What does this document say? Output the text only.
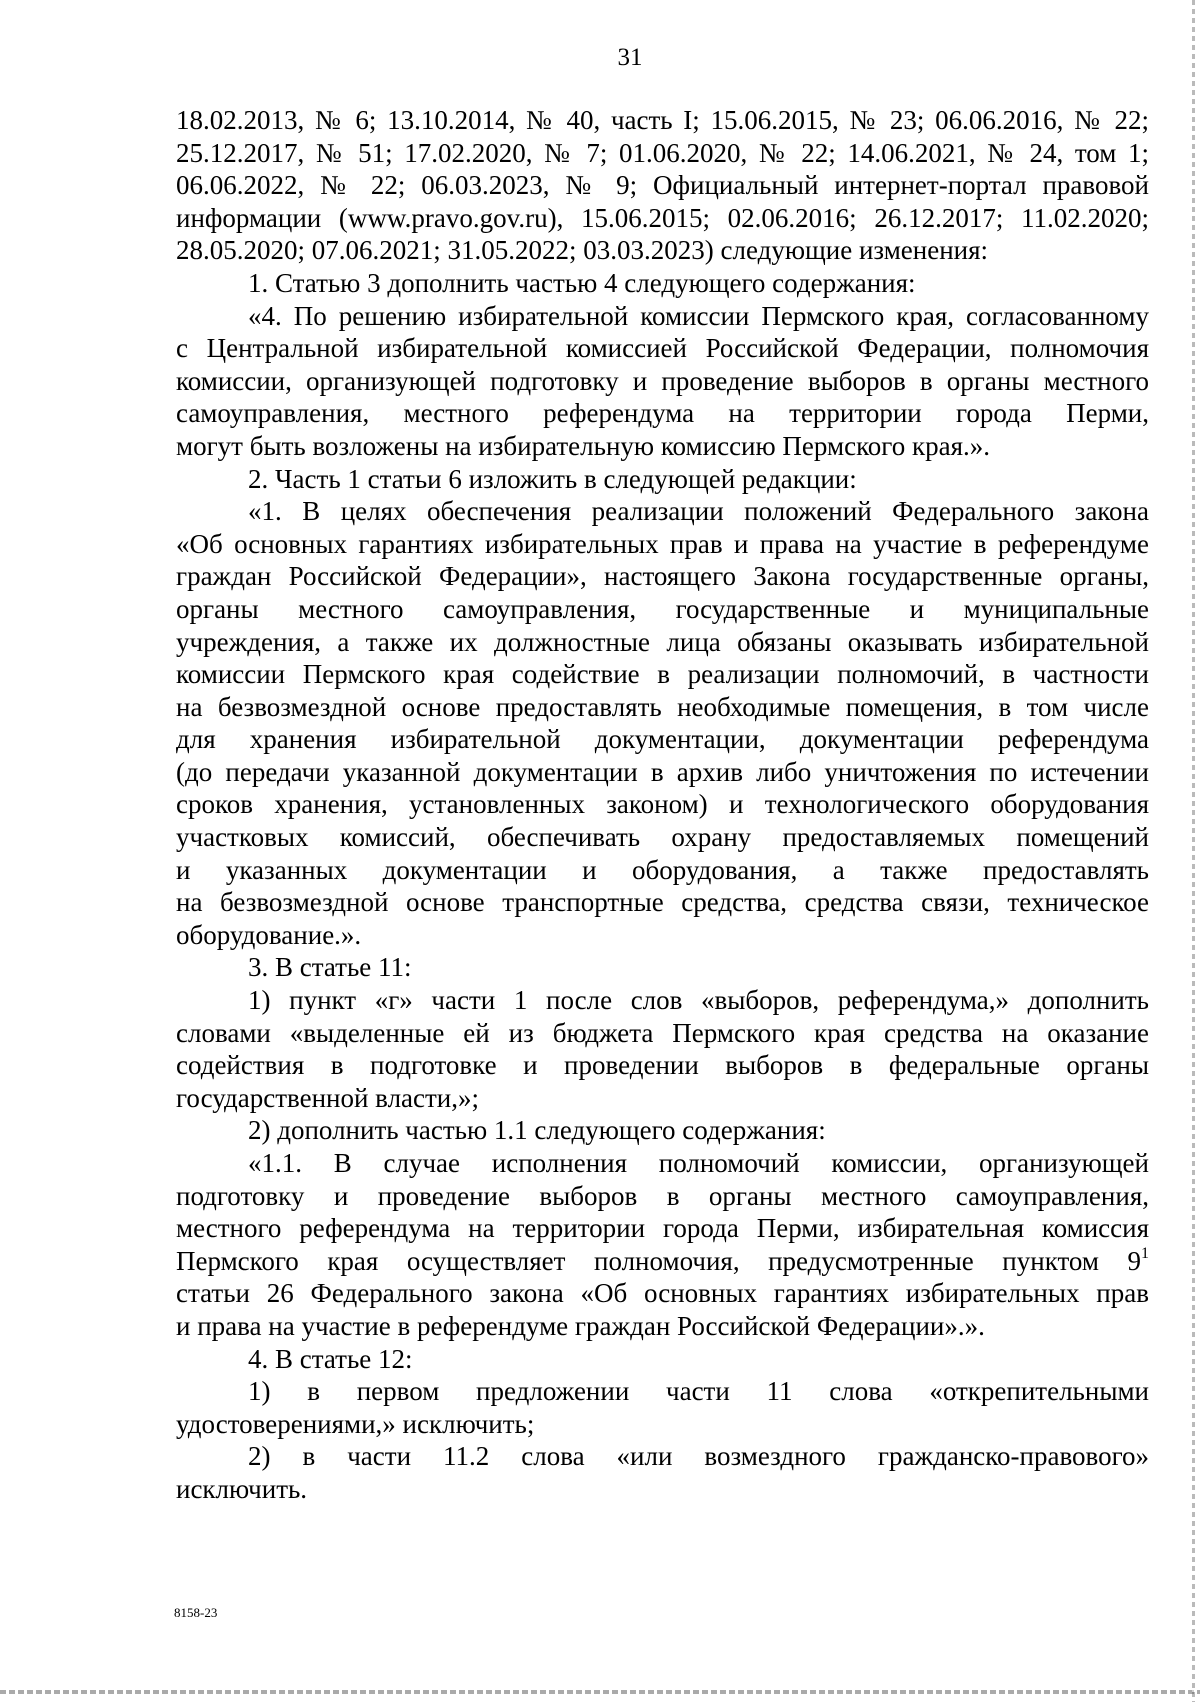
31
18.02.2013, № 6; 13.10.2014, № 40, часть I; 15.06.2015, № 23; 06.06.2016, № 22;
25.12.2017, № 51; 17.02.2020, № 7; 01.06.2020, № 22; 14.06.2021, № 24, том 1;
06.06.2022, № 22; 06.03.2023, № 9; Официальный интернет-портал правовой
информации (www.pravo.gov.ru), 15.06.2015; 02.06.2016; 26.12.2017; 11.02.2020;
28.05.2020; 07.06.2021; 31.05.2022; 03.03.2023) следующие изменения:
1. Статью 3 дополнить частью 4 следующего содержания:
«4. По решению избирательной комиссии Пермского края, согласованному
с Центральной избирательной комиссией Российской Федерации, полномочия
комиссии, организующей подготовку и проведение выборов в органы местного
самоуправления, местного референдума на территории города Перми,
могут быть возложены на избирательную комиссию Пермского края.».
2. Часть 1 статьи 6 изложить в следующей редакции:
«1. В целях обеспечения реализации положений Федерального закона
«Об основных гарантиях избирательных прав и права на участие в референдуме
граждан Российской Федерации», настоящего Закона государственные органы,
органы местного самоуправления, государственные и муниципальные
учреждения, а также их должностные лица обязаны оказывать избирательной
комиссии Пермского края содействие в реализации полномочий, в частности
на безвозмездной основе предоставлять необходимые помещения, в том числе
для хранения избирательной документации, документации референдума
(до передачи указанной документации в архив либо уничтожения по истечении
сроков хранения, установленных законом) и технологического оборудования
участковых комиссий, обеспечивать охрану предоставляемых помещений
и указанных документации и оборудования, а также предоставлять
на безвозмездной основе транспортные средства, средства связи, техническое
оборудование.».
3. В статье 11:
1) пункт «г» части 1 после слов «выборов, референдума,» дополнить
словами «выделенные ей из бюджета Пермского края средства на оказание
содействия в подготовке и проведении выборов в федеральные органы
государственной власти,»;
2) дополнить частью 1.1 следующего содержания:
«1.1. В случае исполнения полномочий комиссии, организующей
подготовку и проведение выборов в органы местного самоуправления,
местного референдума на территории города Перми, избирательная комиссия
Пермского края осуществляет полномочия, предусмотренные пунктом $9^1$
статьи 26 Федерального закона «Об основных гарантиях избирательных прав
и права на участие в референдуме граждан Российской Федерации».».
4. В статье 12:
1) в первом предложении части 11 слова «открепительными
удостоверениями,» исключить;
2) в части 11.2 слова «или возмездного гражданско-правового»
исключить.
8158-23
